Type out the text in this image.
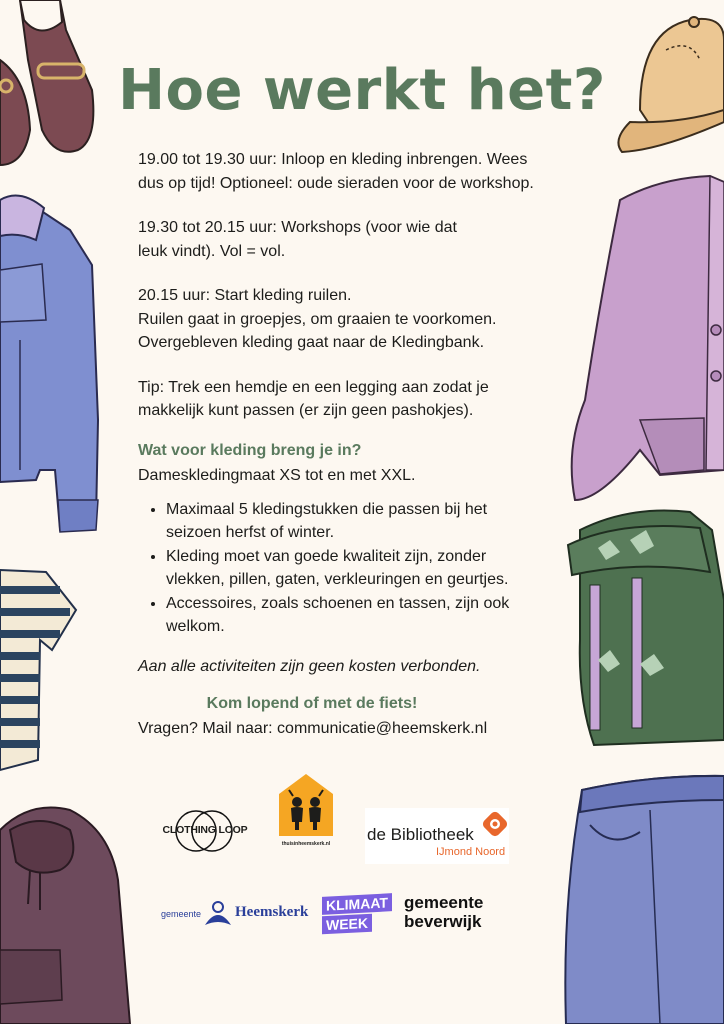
Hoe werkt het?

19.00 tot 19.30 uur: Inloop en kleding inbrengen. Wees
dus op tijd! Optioneel: oude sieraden voor de workshop.

19.30 tot 20.15 uur: Workshops (voor wie dat
leuk vindt). Vol = vol.

20.15 uur: Start kleding ruilen.
Ruilen gaat in groepjes, om graaien te voorkomen.
Overgebleven kleding gaat naar de Kledingbank.

Tip: Trek een hemdje en een legging aan zodat je
makkelijk kunt passen (er zijn geen pashokjes).

Wat voor kleding breng je in?
Dameskledingmaat XS tot en met XXL.
• Maximaal 5 kledingstukken die passen bij het seizoen herfst of winter.
• Kleding moet van goede kwaliteit zijn, zonder vlekken, pillen, gaten, verkleuringen en geurtjes.
• Accessoires, zoals schoenen en tassen, zijn ook welkom.

Aan alle activiteiten zijn geen kosten verbonden.

Kom lopend of met de fiets!

Vragen? Mail naar: communicatie@heemskerk.nl

CLOTHING LOOP
thuisinheemskerk.nl de Bibliotheek
IJmond Noord
gemeente Heemskerk KLIMAAT WEEK
gemeente
beverwijk
